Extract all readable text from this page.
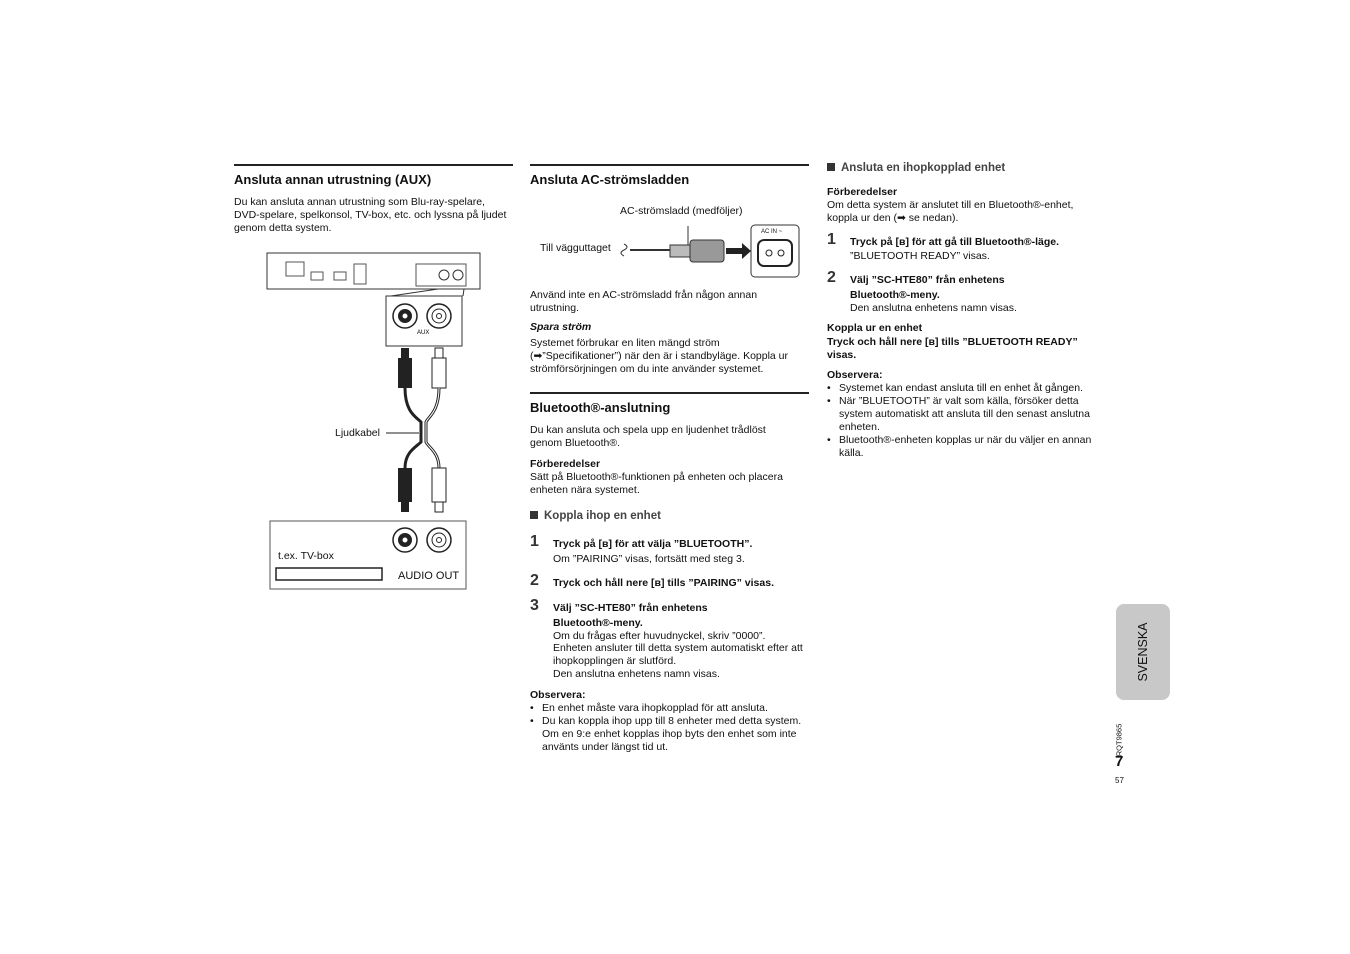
Ansluta annan utrustning (AUX)
Du kan ansluta annan utrustning som Blu-ray-spelare, DVD-spelare, spelkonsol, TV-box, etc. och lyssna på ljudet genom detta system.
AUX
Ljudkabel
t.ex. TV-box
AUDIO OUT
Ansluta AC-strömsladden
AC-strömsladd (medföljer)
Till vägguttaget
AC IN ~
Använd inte en AC-strömsladd från någon annan utrustning.
Spara ström
Systemet förbrukar en liten mängd ström (➡”Specifikationer”) när den är i standbyläge. Koppla ur strömförsörjningen om du inte använder systemet.
Bluetooth®-anslutning
Du kan ansluta och spela upp en ljudenhet trådlöst genom Bluetooth®.
Förberedelser
Sätt på Bluetooth®-funktionen på enheten och placera enheten nära systemet.
Koppla ihop en enhet
1 Tryck på [ʙ] för att välja ”BLUETOOTH”.
Om ”PAIRING” visas, fortsätt med steg 3.
2 Tryck och håll nere [ʙ] tills ”PAIRING” visas.
3 Välj ”SC-HTE80” från enhetens
Bluetooth®-meny.
Om du frågas efter huvudnyckel, skriv ”0000”.
Enheten ansluter till detta system automatiskt efter att ihopkopplingen är slutförd.
Den anslutna enhetens namn visas.
Observera:
• En enhet måste vara ihopkopplad för att ansluta.
• Du kan koppla ihop upp till 8 enheter med detta system.
Om en 9:e enhet kopplas ihop byts den enhet som inte använts under längst tid ut.
Ansluta en ihopkopplad enhet
Förberedelser
Om detta system är anslutet till en Bluetooth®-enhet, koppla ur den (➡ se nedan).
1 Tryck på [ʙ] för att gå till Bluetooth®-läge.
”BLUETOOTH READY” visas.
2 Välj ”SC-HTE80” från enhetens
Bluetooth®-meny.
Den anslutna enhetens namn visas.
Koppla ur en enhet
Tryck och håll nere [ʙ] tills ”BLUETOOTH READY” visas.
Observera:
• Systemet kan endast ansluta till en enhet åt gången.
• När ”BLUETOOTH” är valt som källa, försöker detta system automatiskt att ansluta till den senast anslutna enheten.
• Bluetooth®-enheten kopplas ur när du väljer en annan källa.
SVENSKA
RQT9865
7
57
